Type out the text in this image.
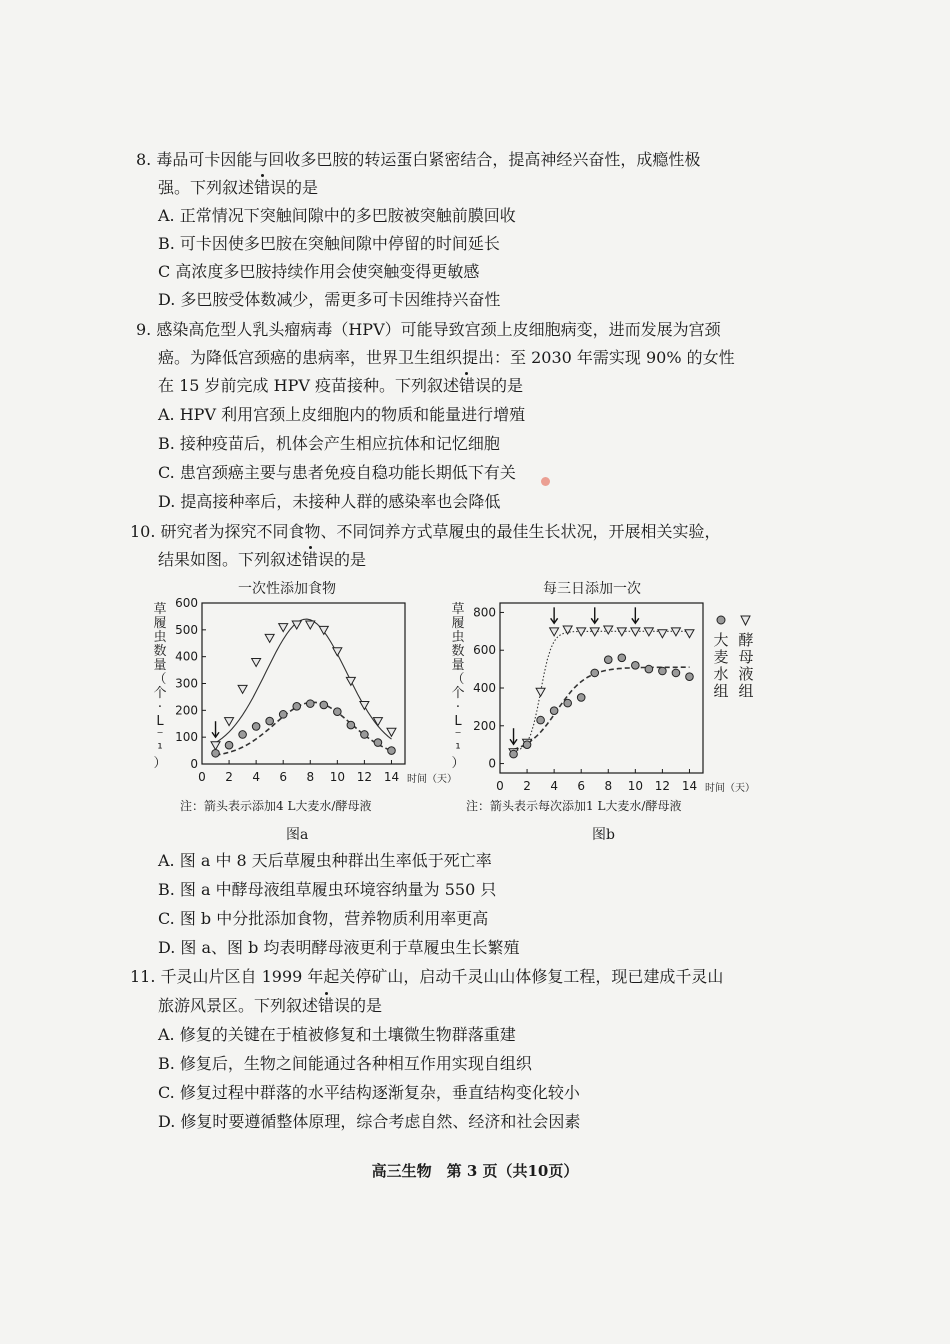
8. 毒品可卡因能与回收多巴胺的转运蛋白紧密结合，提高神经兴奋性，成瘾性极
强。下列叙述错误的是
A. 正常情况下突触间隙中的多巴胺被突触前膜回收
B. 可卡因使多巴胺在突触间隙中停留的时间延长
C 高浓度多巴胺持续作用会使突触变得更敏感
D. 多巴胺受体数减少，需更多可卡因维持兴奋性
9. 感染高危型人乳头瘤病毒（HPV）可能导致宫颈上皮细胞病变，进而发展为宫颈
癌。为降低宫颈癌的患病率，世界卫生组织提出：至 2030 年需实现 90% 的女性
在 15 岁前完成 HPV 疫苗接种。下列叙述错误的是
A. HPV 利用宫颈上皮细胞内的物质和能量进行增殖
B. 接种疫苗后，机体会产生相应抗体和记忆细胞
C. 患宫颈癌主要与患者免疫自稳功能长期低下有关
D. 提高接种率后，未接种人群的感染率也会降低
10. 研究者为探究不同食物、不同饲养方式草履虫的最佳生长状况，开展相关实验，
结果如图。下列叙述错误的是
一次性添加食物	每三日添加一次
0 2 4 6 8 10 12 14
0
100
200
300
400
500
600
时间（天）
草
履
虫
数
量
（
个
·
L
⁻
¹
）
0 2 4 6 8 10 12 14
0
200
400
600
800
时间（天）
草
履
虫
数
量
（
个
·
L
⁻
¹
）
大
麦
水
组
酵
母
液
组
注：箭头表示添加4 L大麦水/酵母液	注：箭头表示每次添加1 L大麦水/酵母液
图a	图b
A. 图 a 中 8 天后草履虫种群出生率低于死亡率
B. 图 a 中酵母液组草履虫环境容纳量为 550 只
C. 图 b 中分批添加食物，营养物质利用率更高
D. 图 a、图 b 均表明酵母液更利于草履虫生长繁殖
11. 千灵山片区自 1999 年起关停矿山，启动千灵山山体修复工程，现已建成千灵山
旅游风景区。下列叙述错误的是
A. 修复的关键在于植被修复和土壤微生物群落重建
B. 修复后，生物之间能通过各种相互作用实现自组织
C. 修复过程中群落的水平结构逐渐复杂，垂直结构变化较小
D. 修复时要遵循整体原理，综合考虑自然、经济和社会因素
高三生物　第 3 页（共10页）
